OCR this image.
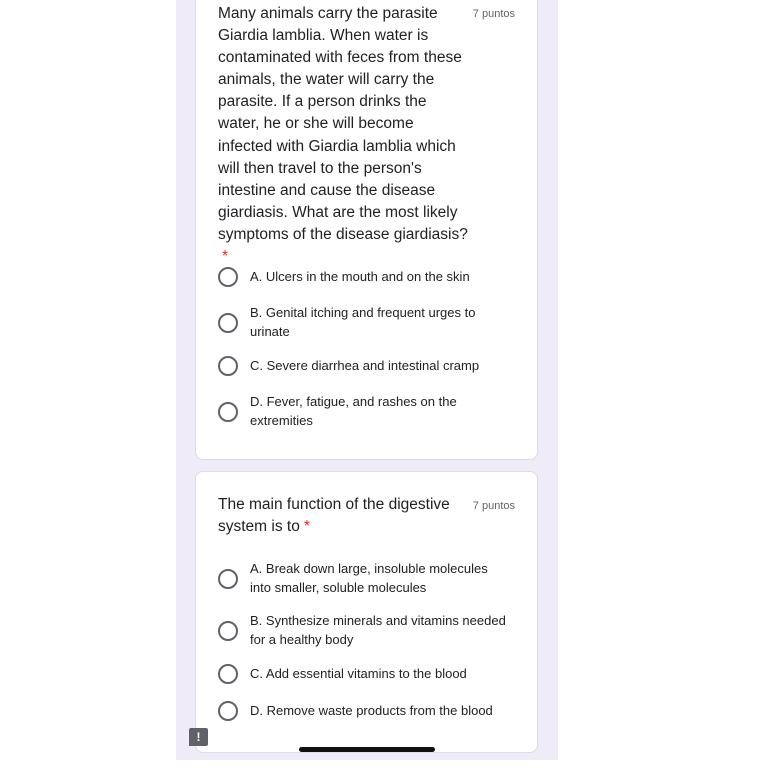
Many animals carry the parasite Giardia lamblia. When water is contaminated with feces from these animals, the water will carry the parasite. If a person drinks the water, he or she will become infected with Giardia lamblia which will then travel to the person's intestine and cause the disease giardiasis. What are the most likely symptoms of the disease giardiasis?*

7 puntos
A. Ulcers in the mouth and on the skin
B. Genital itching and frequent urges to urinate
C. Severe diarrhea and intestinal cramp
D. Fever, fatigue, and rashes on the extremities

The main function of the digestive system is to *

7 puntos
A. Break down large, insoluble molecules into smaller, soluble molecules
B. Synthesize minerals and vitamins needed for a healthy body
C. Add essential vitamins to the blood
D. Remove waste products from the blood
!
